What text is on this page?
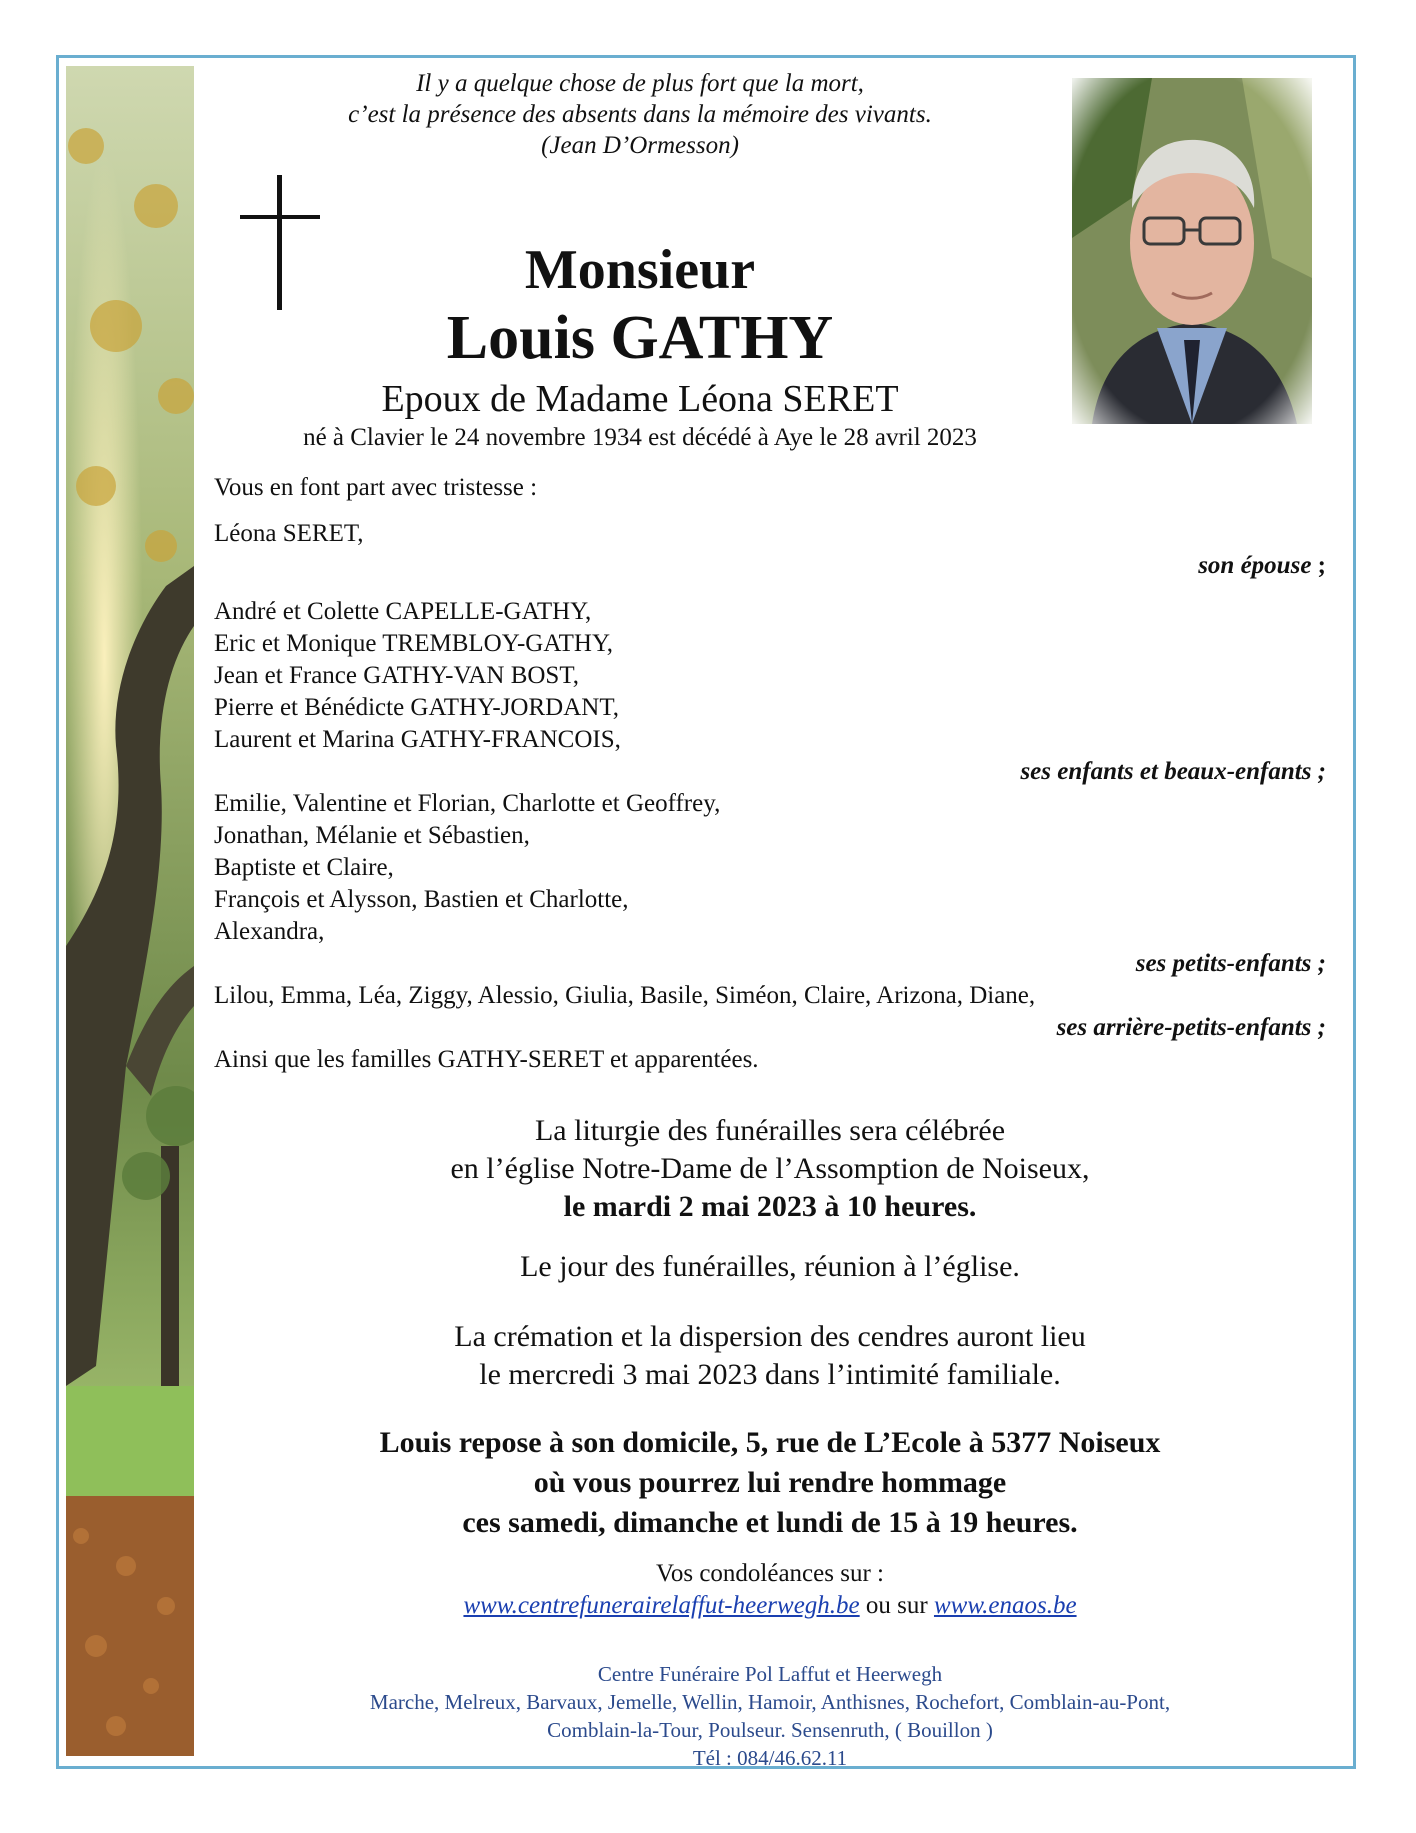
Il y a quelque chose de plus fort que la mort,
c’est la présence des absents dans la mémoire des vivants.
(Jean D’Ormesson)
Monsieur
Louis GATHY
Epoux de Madame Léona SERET
né à Clavier le 24 novembre 1934 est décédé à Aye le 28 avril 2023
Vous en font part avec tristesse :
Léona SERET,
son épouse ;
André et Colette CAPELLE-GATHY,
Eric et Monique TREMBLOY-GATHY,
Jean et France GATHY-VAN BOST,
Pierre et Bénédicte GATHY-JORDANT,
Laurent et Marina GATHY-FRANCOIS,
ses enfants et beaux-enfants ;
Emilie, Valentine et Florian, Charlotte et Geoffrey,
Jonathan, Mélanie et Sébastien,
Baptiste et Claire,
François et Alysson, Bastien et Charlotte,
Alexandra,
ses petits-enfants ;
Lilou, Emma, Léa, Ziggy, Alessio, Giulia, Basile, Siméon, Claire, Arizona, Diane,
ses arrière-petits-enfants ;
Ainsi que les familles GATHY-SERET et apparentées.
La liturgie des funérailles sera célébrée
en l’église Notre-Dame de l’Assomption de Noiseux,
le mardi 2 mai 2023 à 10 heures.
Le jour des funérailles, réunion à l’église.
La crémation et la dispersion des cendres auront lieu
le mercredi 3 mai 2023 dans l’intimité familiale.
Louis repose à son domicile, 5, rue de L’Ecole à 5377 Noiseux
où vous pourrez lui rendre hommage
ces samedi, dimanche et lundi de 15 à 19 heures.
Vos condoléances sur :
www.centrefunerairelaffut-heerwegh.be ou sur www.enaos.be
Centre Funéraire Pol Laffut et Heerwegh
Marche, Melreux, Barvaux, Jemelle, Wellin, Hamoir, Anthisnes, Rochefort, Comblain-au-Pont,
Comblain-la-Tour, Poulseur. Sensenruth, ( Bouillon )
Tél : 084/46.62.11
